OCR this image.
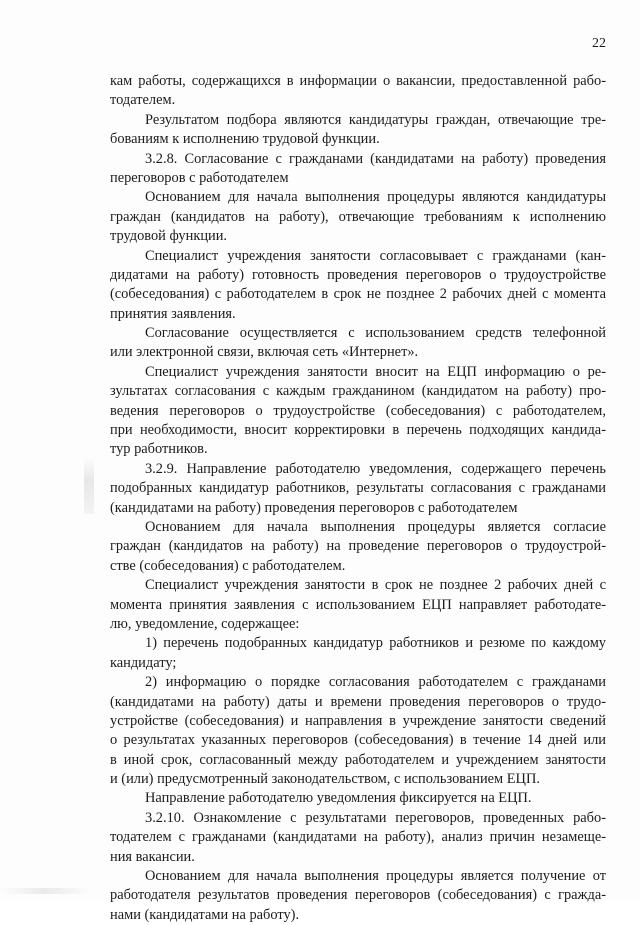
22
кам работы, содержащихся в информации о вакансии, предоставленной рабо-
тодателем.
Результатом подбора являются кандидатуры граждан, отвечающие тре-
бованиям к исполнению трудовой функции.
3.2.8. Согласование с гражданами (кандидатами на работу) проведения
переговоров с работодателем
Основанием для начала выполнения процедуры являются кандидатуры
граждан (кандидатов на работу), отвечающие требованиям к исполнению
трудовой функции.
Специалист учреждения занятости согласовывает с гражданами (кан-
дидатами на работу) готовность проведения переговоров о трудоустройстве
(собеседования) с работодателем в срок не позднее 2 рабочих дней с момента
принятия заявления.
Согласование осуществляется с использованием средств телефонной
или электронной связи, включая сеть «Интернет».
Специалист учреждения занятости вносит на ЕЦП информацию о ре-
зультатах согласования с каждым гражданином (кандидатом на работу) про-
ведения переговоров о трудоустройстве (собеседования) с работодателем,
при необходимости, вносит корректировки в перечень подходящих кандида-
тур работников.
3.2.9. Направление работодателю уведомления, содержащего перечень
подобранных кандидатур работников, результаты согласования с гражданами
(кандидатами на работу) проведения переговоров с работодателем
Основанием для начала выполнения процедуры является согласие
граждан (кандидатов на работу) на проведение переговоров о трудоустрой-
стве (собеседования) с работодателем.
Специалист учреждения занятости в срок не позднее 2 рабочих дней с
момента принятия заявления с использованием ЕЦП направляет работодате-
лю, уведомление, содержащее:
1) перечень подобранных кандидатур работников и резюме по каждому
кандидату;
2) информацию о порядке согласования работодателем с гражданами
(кандидатами на работу) даты и времени проведения переговоров о трудо-
устройстве (собеседования) и направления в учреждение занятости сведений
о результатах указанных переговоров (собеседования) в течение 14 дней или
в иной срок, согласованный между работодателем и учреждением занятости
и (или) предусмотренный законодательством, с использованием ЕЦП.
Направление работодателю уведомления фиксируется на ЕЦП.
3.2.10. Ознакомление с результатами переговоров, проведенных рабо-
тодателем с гражданами (кандидатами на работу), анализ причин незамеще-
ния вакансии.
Основанием для начала выполнения процедуры является получение от
работодателя результатов проведения переговоров (собеседования) с гражда-
нами (кандидатами на работу).
